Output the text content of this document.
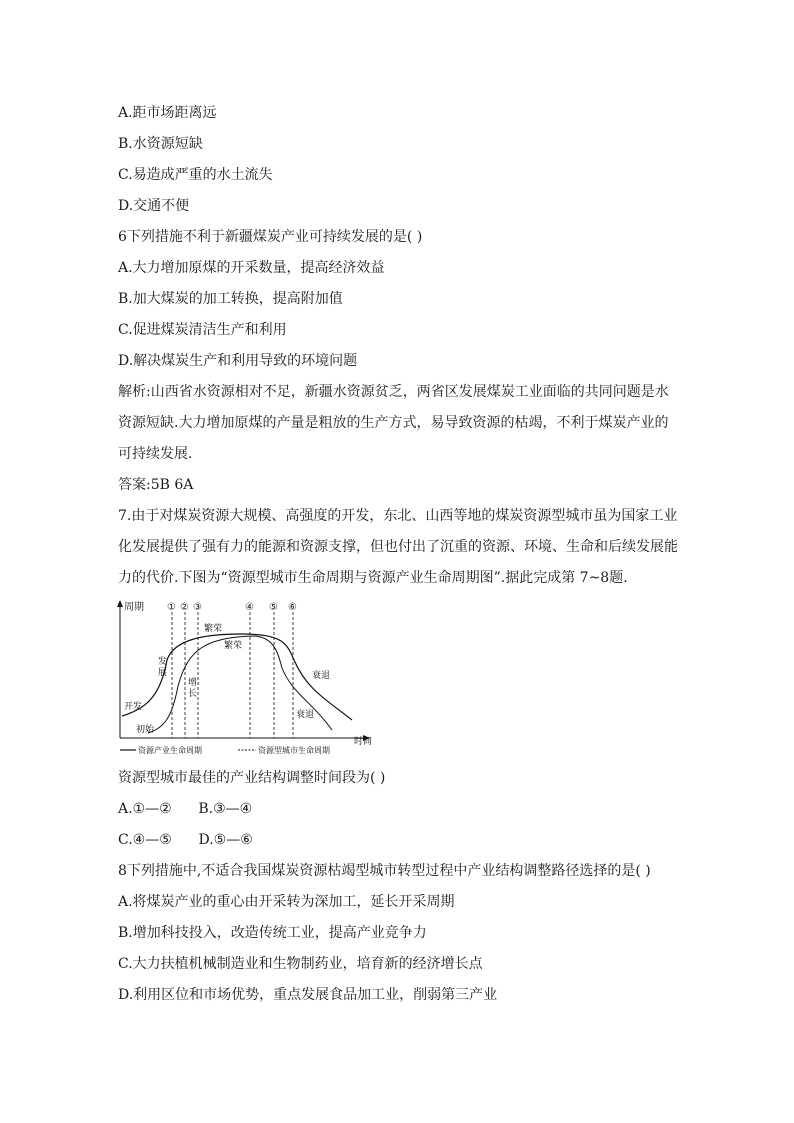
A.距市场距离远
B.水资源短缺
C.易造成严重的水土流失
D.交通不便
6下列措施不利于新疆煤炭产业可持续发展的是( )
A.大力增加原煤的开采数量，提高经济效益
B.加大煤炭的加工转换，提高附加值
C.促进煤炭清洁生产和利用
D.解决煤炭生产和利用导致的环境问题
解析:山西省水资源相对不足，新疆水资源贫乏，两省区发展煤炭工业面临的共同问题是水资源短缺.大力增加原煤的产量是粗放的生产方式，易导致资源的枯竭，不利于煤炭产业的可持续发展.
答案:5B 6A
7.由于对煤炭资源大规模、高强度的开发，东北、山西等地的煤炭资源型城市虽为国家工业化发展提供了强有力的能源和资源支撑，但也付出了沉重的资源、环境、生命和后续发展能力的代价.下图为“资源型城市生命周期与资源产业生命周期图”.据此完成第 7~8题.
周期
时间
① ② ③	④ ⑤ ⑥
开发
初始
发
展
增
长
繁荣
繁荣
衰退
衰退
资源产业生命周期	资源型城市生命周期
资源型城市最佳的产业结构调整时间段为( )
A.①—②      B.③—④
C.④—⑤      D.⑤—⑥
8下列措施中,不适合我国煤炭资源枯竭型城市转型过程中产业结构调整路径选择的是( )
A.将煤炭产业的重心由开采转为深加工，延长开采周期
B.增加科技投入，改造传统工业，提高产业竞争力
C.大力扶植机械制造业和生物制药业，培育新的经济增长点
D.利用区位和市场优势，重点发展食品加工业，削弱第三产业
